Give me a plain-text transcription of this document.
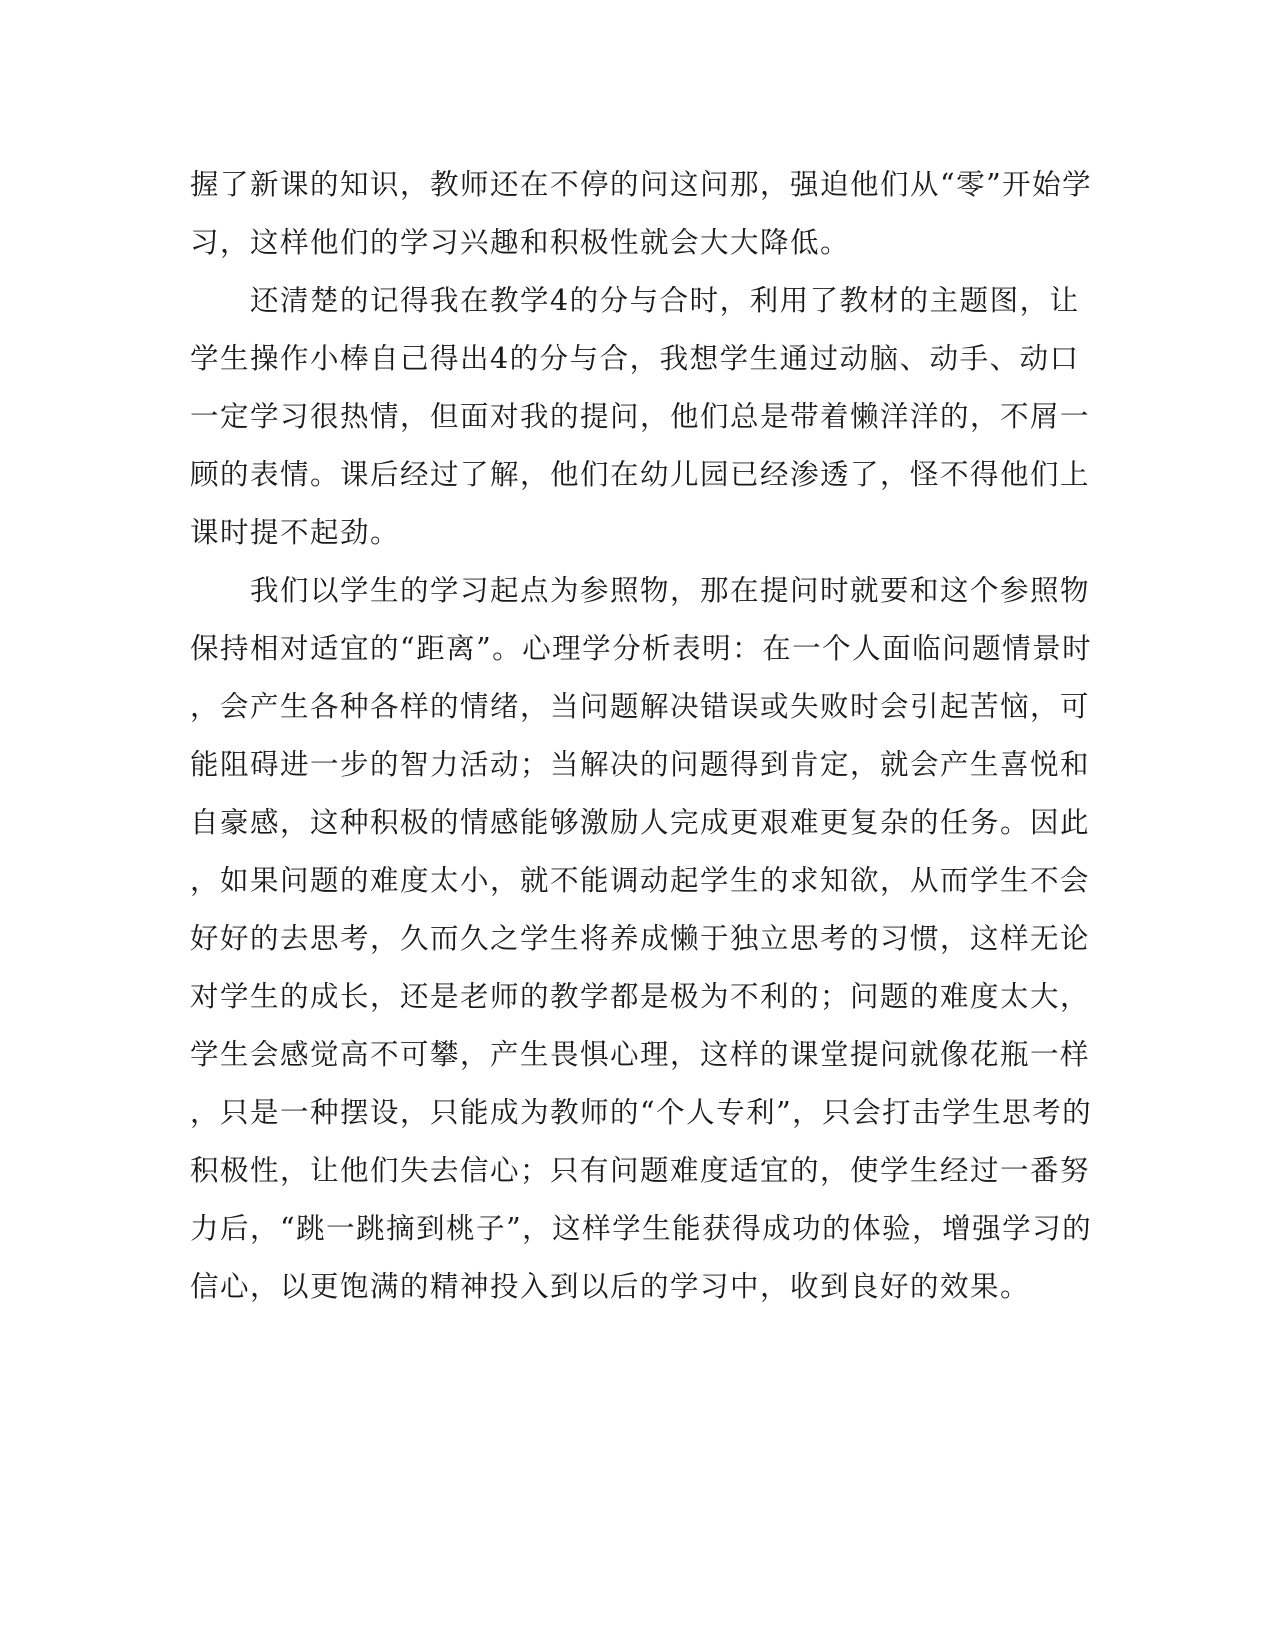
握了新课的知识，教师还在不停的问这问那，强迫他们从“零”开始学
习，这样他们的学习兴趣和积极性就会大大降低。
　　还清楚的记得我在教学4的分与合时，利用了教材的主题图，让
学生操作小棒自己得出4的分与合，我想学生通过动脑、动手、动口
一定学习很热情，但面对我的提问，他们总是带着懒洋洋的，不屑一
顾的表情。课后经过了解，他们在幼儿园已经渗透了，怪不得他们上
课时提不起劲。
　　我们以学生的学习起点为参照物，那在提问时就要和这个参照物
保持相对适宜的“距离”。心理学分析表明：在一个人面临问题情景时
，会产生各种各样的情绪，当问题解决错误或失败时会引起苦恼，可
能阻碍进一步的智力活动；当解决的问题得到肯定，就会产生喜悦和
自豪感，这种积极的情感能够激励人完成更艰难更复杂的任务。因此
，如果问题的难度太小，就不能调动起学生的求知欲，从而学生不会
好好的去思考，久而久之学生将养成懒于独立思考的习惯，这样无论
对学生的成长，还是老师的教学都是极为不利的；问题的难度太大，
学生会感觉高不可攀，产生畏惧心理，这样的课堂提问就像花瓶一样
，只是一种摆设，只能成为教师的“个人专利”，只会打击学生思考的
积极性，让他们失去信心；只有问题难度适宜的，使学生经过一番努
力后，“跳一跳摘到桃子”，这样学生能获得成功的体验，增强学习的
信心，以更饱满的精神投入到以后的学习中，收到良好的效果。
